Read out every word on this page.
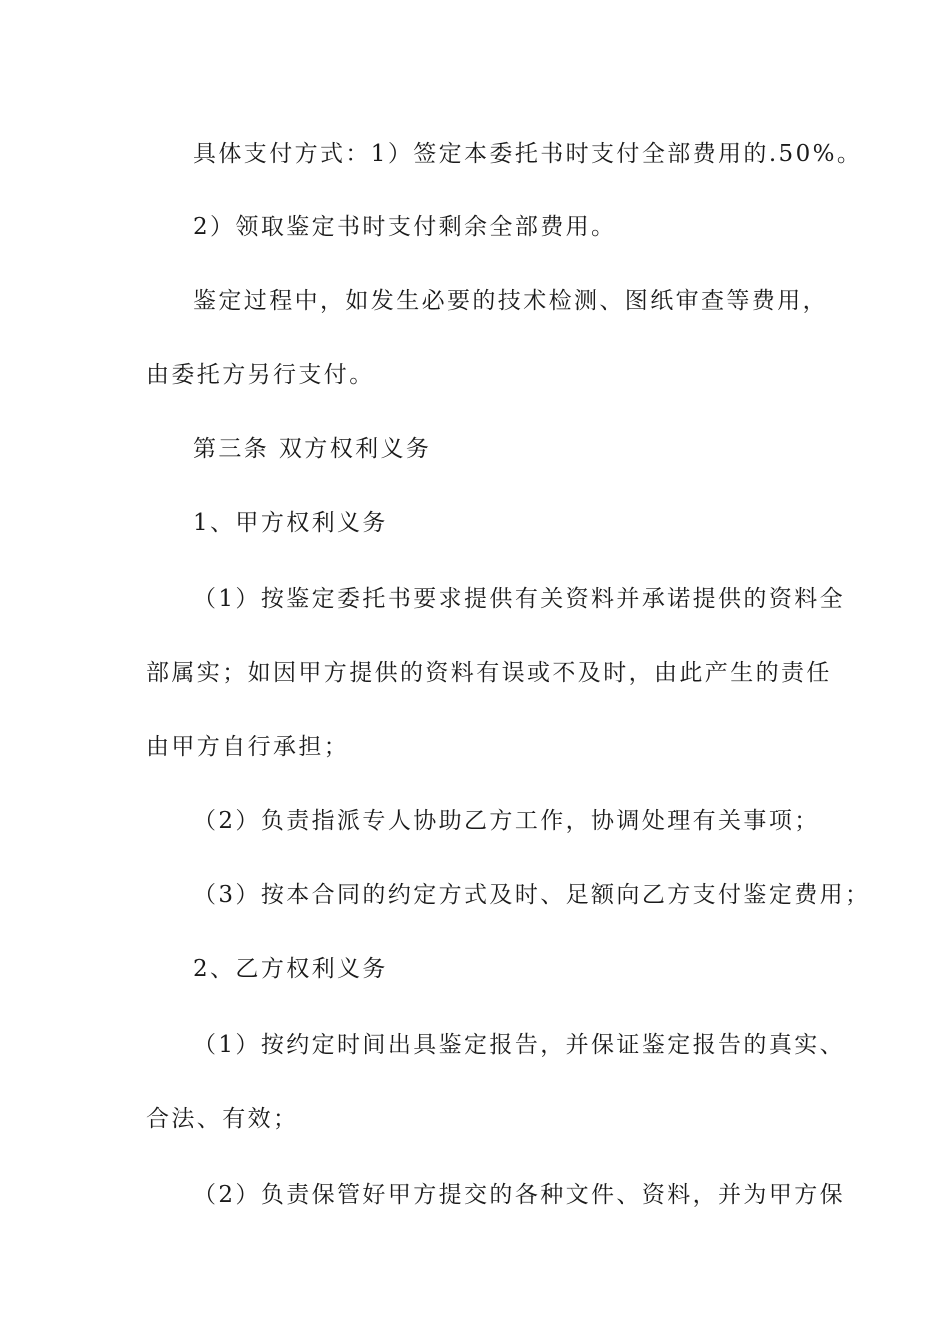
具体支付方式：1）签定本委托书时支付全部费用的.50%。

2）领取鉴定书时支付剩余全部费用。

鉴定过程中，如发生必要的技术检测、图纸审查等费用，

由委托方另行支付。

第三条 双方权利义务

1、甲方权利义务

（1）按鉴定委托书要求提供有关资料并承诺提供的资料全

部属实；如因甲方提供的资料有误或不及时，由此产生的责任

由甲方自行承担；

（2）负责指派专人协助乙方工作，协调处理有关事项；

（3）按本合同的约定方式及时、足额向乙方支付鉴定费用；

2、乙方权利义务

（1）按约定时间出具鉴定报告，并保证鉴定报告的真实、

合法、有效；

（2）负责保管好甲方提交的各种文件、资料，并为甲方保
